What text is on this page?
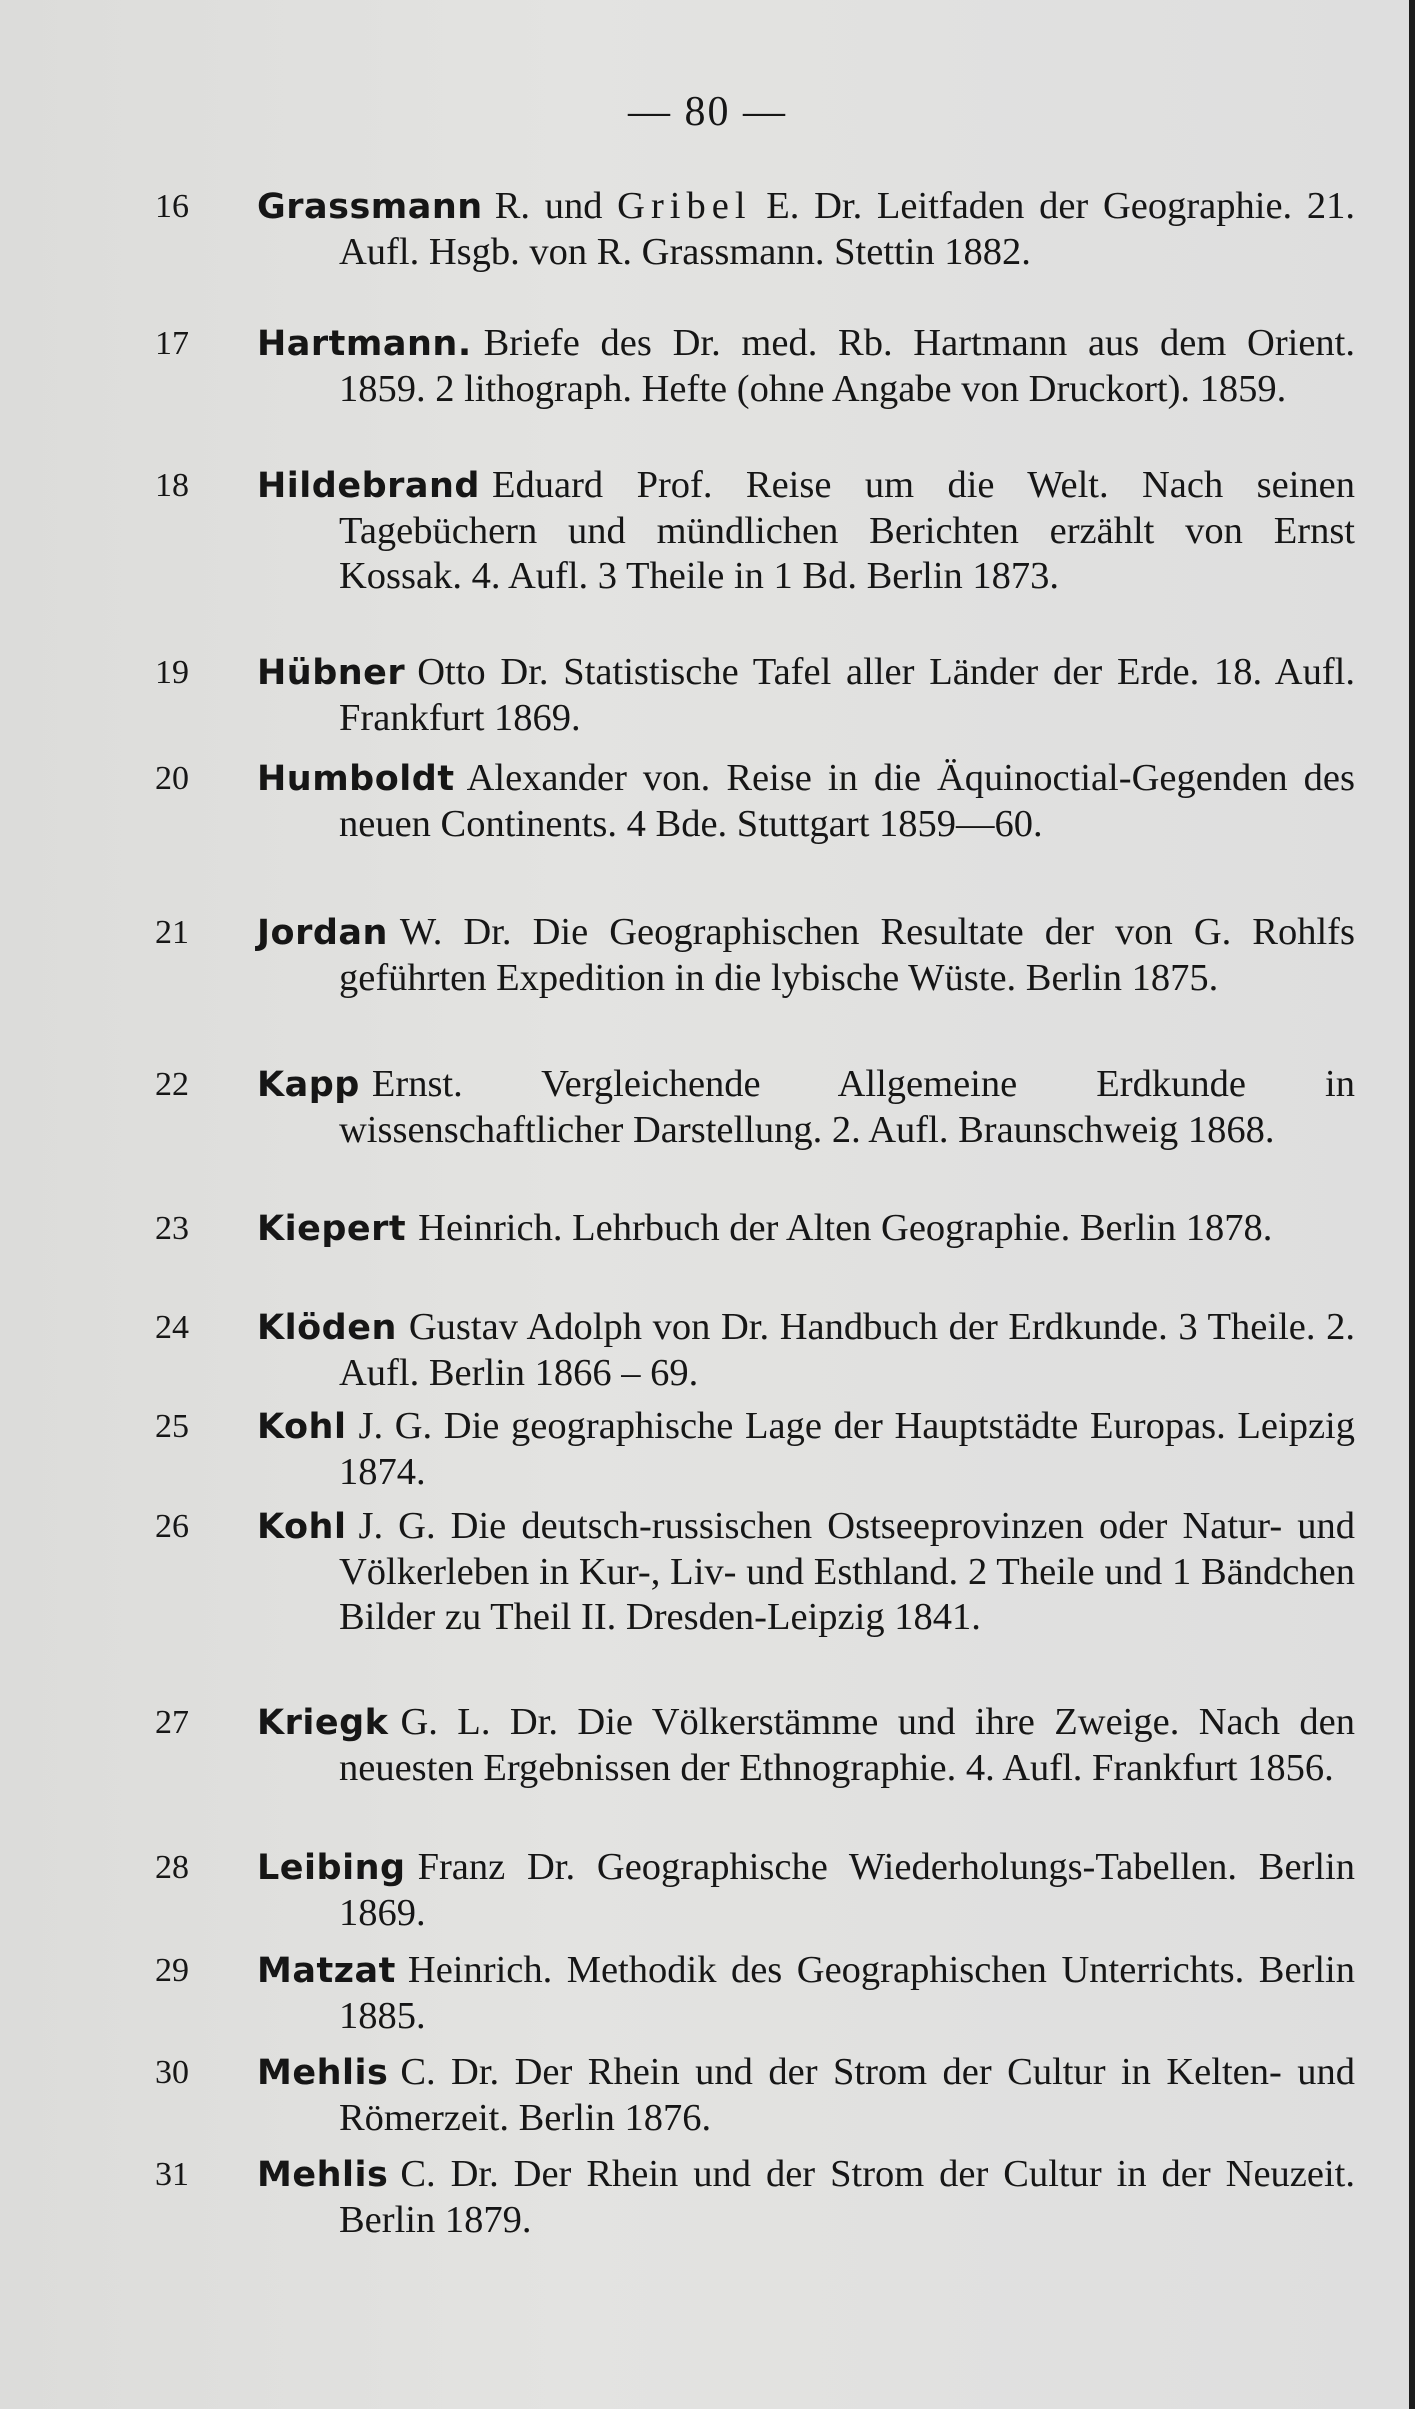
— 80 —
16 Grassmann R. und Gribel E. Dr. Leitfaden der Geographie. 21. Aufl. Hsgb. von R. Grassmann. Stettin 1882.
17 Hartmann. Briefe des Dr. med. Rb. Hartmann aus dem Orient. 1859. 2 lithograph. Hefte (ohne Angabe von Druckort). 1859.
18 Hildebrand Eduard Prof. Reise um die Welt. Nach seinen Tagebüchern und mündlichen Berichten erzählt von Ernst Kossak. 4. Aufl. 3 Theile in 1 Bd. Berlin 1873.
19 Hübner Otto Dr. Statistische Tafel aller Länder der Erde. 18. Aufl. Frankfurt 1869.
20 Humboldt Alexander von. Reise in die Äquinoctial-Gegenden des neuen Continents. 4 Bde. Stuttgart 1859—60.
21 Jordan W. Dr. Die Geographischen Resultate der von G. Rohlfs geführten Expedition in die lybische Wüste. Berlin 1875.
22 Kapp Ernst. Vergleichende Allgemeine Erdkunde in wissenschaftlicher Darstellung. 2. Aufl. Braunschweig 1868.
23 Kiepert Heinrich. Lehrbuch der Alten Geographie. Berlin 1878.
24 Klöden Gustav Adolph von Dr. Handbuch der Erdkunde. 3 Theile. 2. Aufl. Berlin 1866 – 69.
25 Kohl J. G. Die geographische Lage der Hauptstädte Europas. Leipzig 1874.
26 Kohl J. G. Die deutsch-russischen Ostseeprovinzen oder Natur- und Völkerleben in Kur-, Liv- und Esthland. 2 Theile und 1 Bändchen Bilder zu Theil II. Dresden-Leipzig 1841.
27 Kriegk G. L. Dr. Die Völkerstämme und ihre Zweige. Nach den neuesten Ergebnissen der Ethnographie. 4. Aufl. Frankfurt 1856.
28 Leibing Franz Dr. Geographische Wiederholungs-Tabellen. Berlin 1869.
29 Matzat Heinrich. Methodik des Geographischen Unterrichts. Berlin 1885.
30 Mehlis C. Dr. Der Rhein und der Strom der Cultur in Kelten- und Römerzeit. Berlin 1876.
31 Mehlis C. Dr. Der Rhein und der Strom der Cultur in der Neuzeit. Berlin 1879.
